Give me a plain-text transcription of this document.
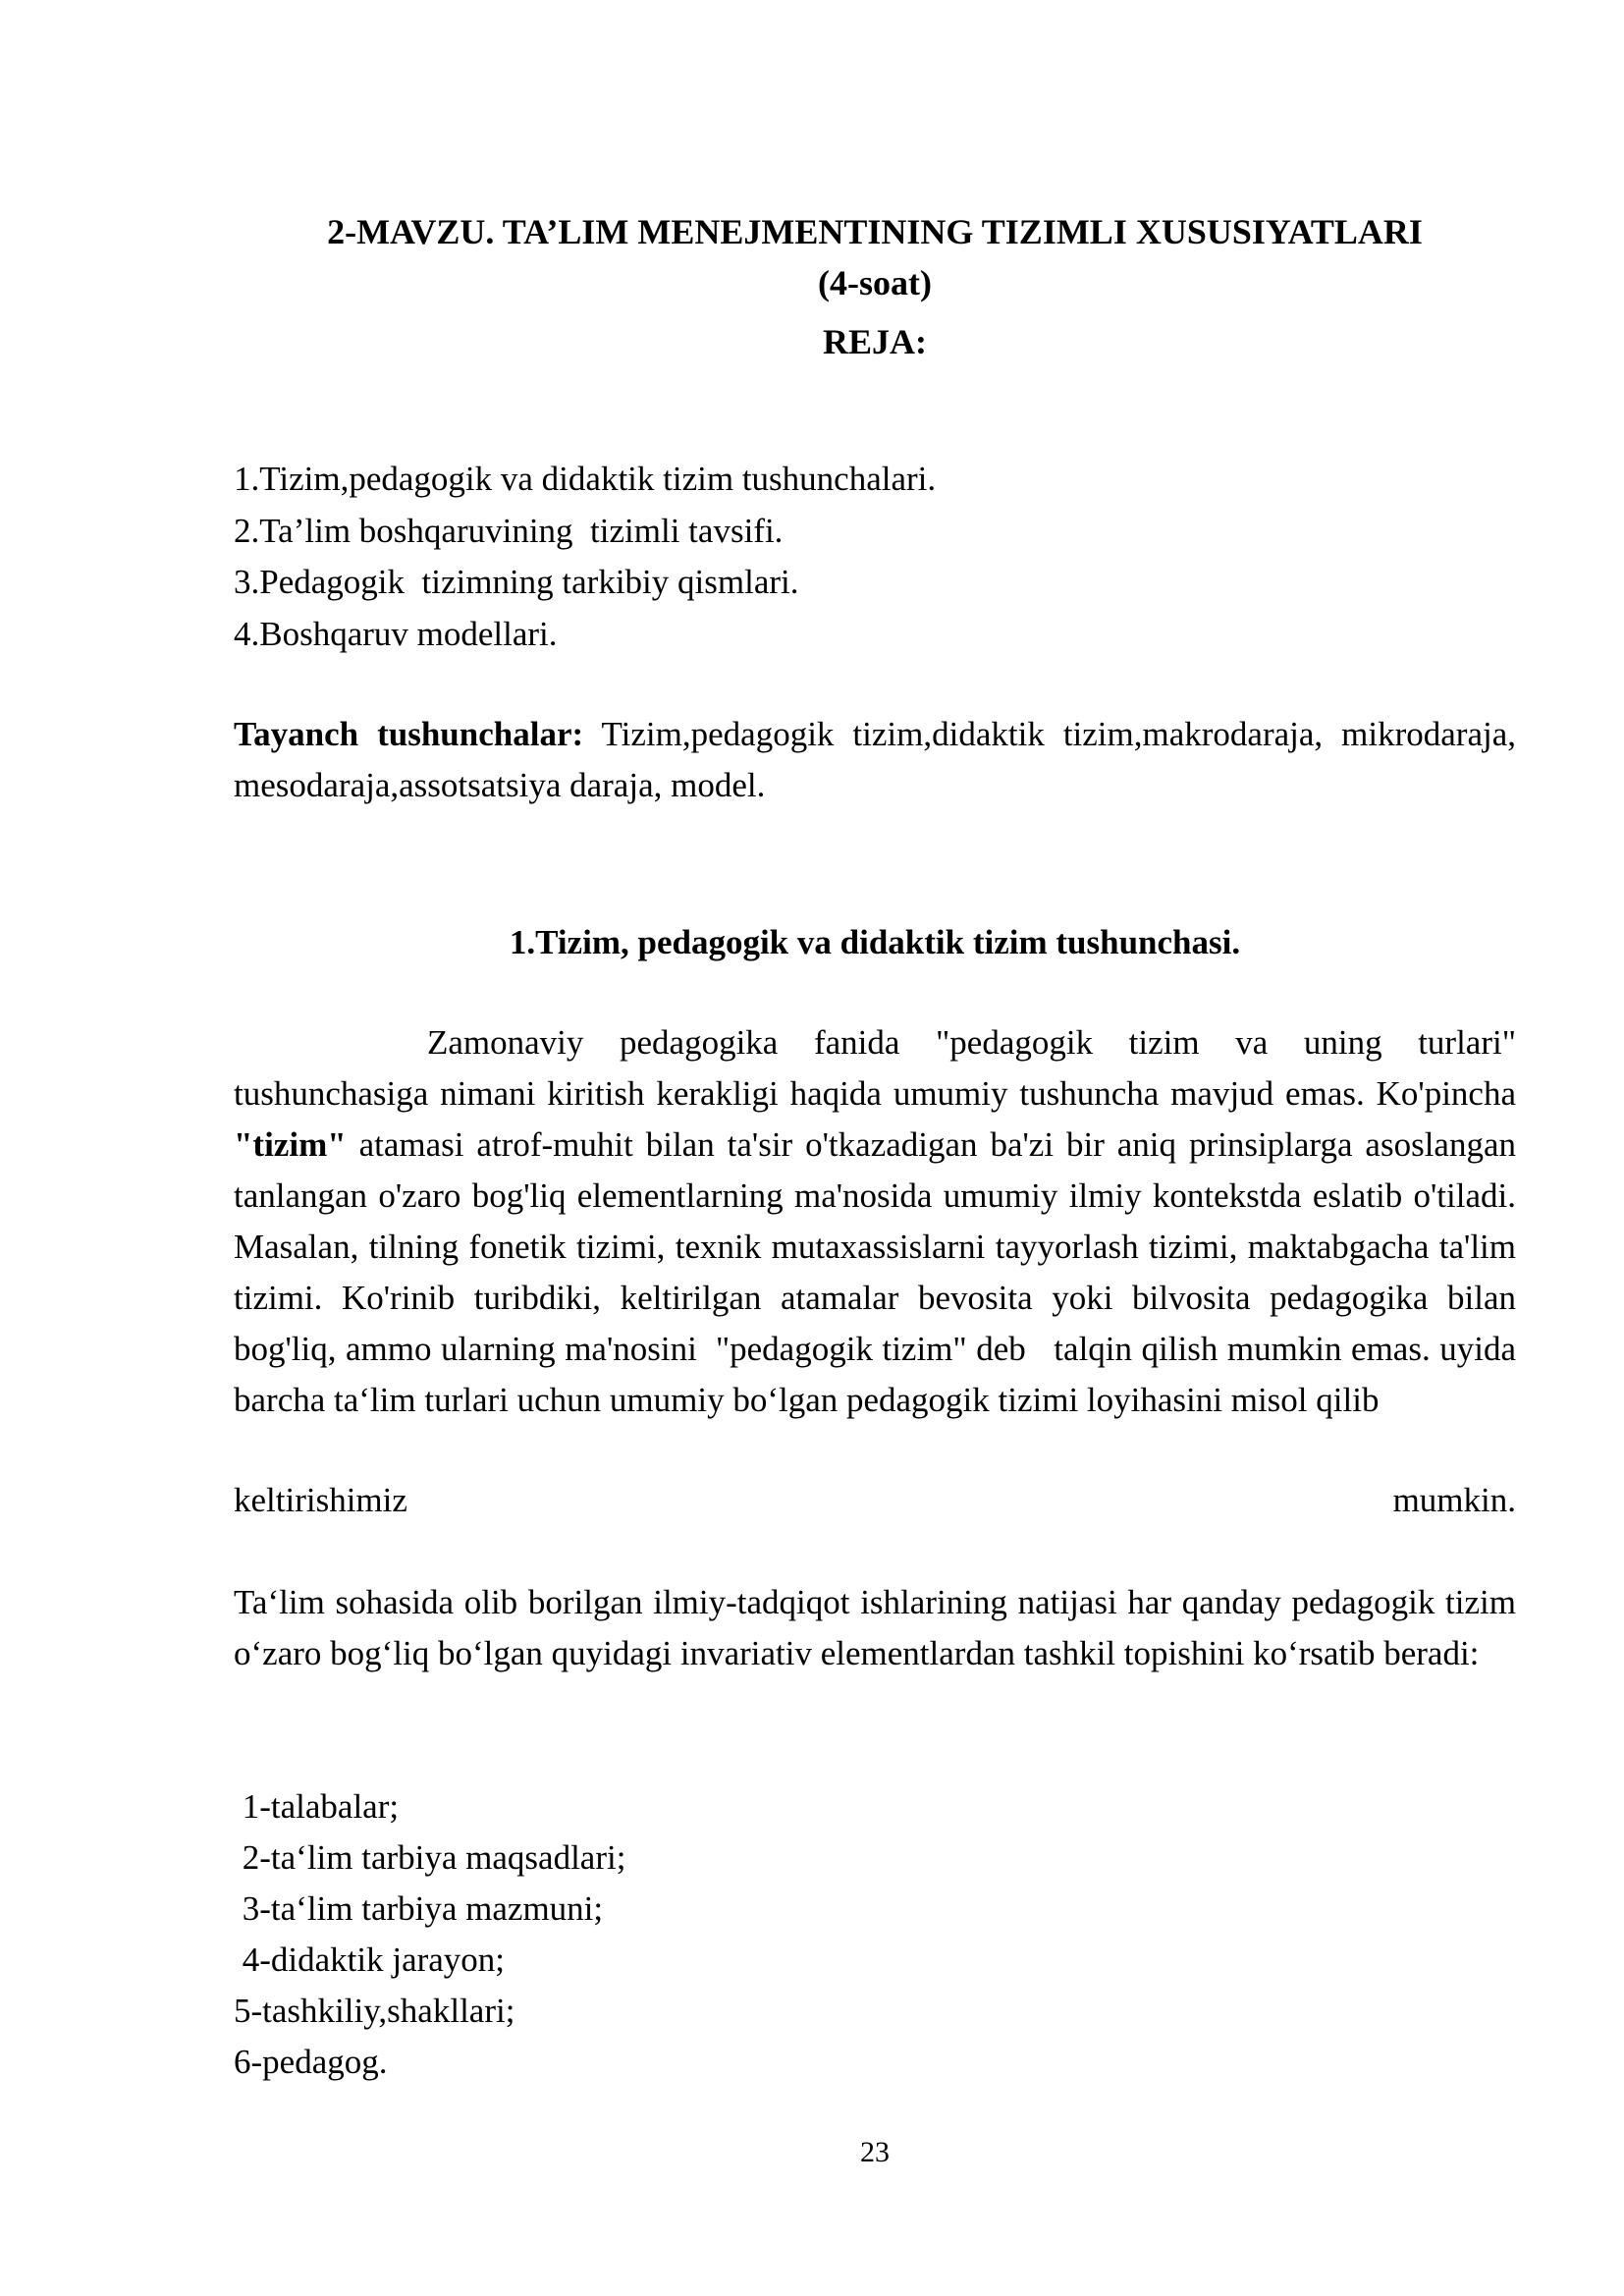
2-MAVZU. TA’LIM MENEJMENTINING TIZIMLI XUSUSIYATLARI
(4-soat)
REJA:
1.Tizim,pedagogik va didaktik tizim tushunchalari.
2.Ta’lim boshqaruvining  tizimli tavsifi.
3.Pedagogik  tizimning tarkibiy qismlari.
4.Boshqaruv modellari.
Tayanch tushunchalar: Tizim,pedagogik tizim,didaktik tizim,makrodaraja, mikrodaraja, mesodaraja,assotsatsiya daraja, model.
1.Tizim, pedagogik va didaktik tizim tushunchasi.
Zamonaviy pedagogika fanida "pedagogik tizim va uning turlari" tushunchasiga nimani kiritish kerakligi haqida umumiy tushuncha mavjud emas. Ko'pincha "tizim" atamasi atrof-muhit bilan ta'sir o'tkazadigan ba'zi bir aniq prinsiplarga asoslangan tanlangan o'zaro bog'liq elementlarning ma'nosida umumiy ilmiy kontekstda eslatib o'tiladi. Masalan, tilning fonetik tizimi, texnik mutaxassislarni tayyorlash tizimi, maktabgacha ta'lim tizimi. Ko'rinib turibdiki, keltirilgan atamalar bevosita yoki bilvosita pedagogika bilan bog'liq, ammo ularning ma'nosini  "pedagogik tizim" deb   talqin qilish mumkin emas. uyida barcha ta‘lim turlari uchun umumiy bo‘lgan pedagogik tizimi loyihasini misol qilib
keltirishimiz	mumkin.
Ta‘lim sohasida olib borilgan ilmiy-tadqiqot ishlarining natijasi har qanday pedagogik tizim o‘zaro bog‘liq bo‘lgan quyidagi invariativ elementlardan tashkil topishini ko‘rsatib beradi:
1-talabalar;
2-ta‘lim tarbiya maqsadlari;
3-ta‘lim tarbiya mazmuni;
4-didaktik jarayon;
5-tashkiliy,shakllari;
6-pedagog.
23
